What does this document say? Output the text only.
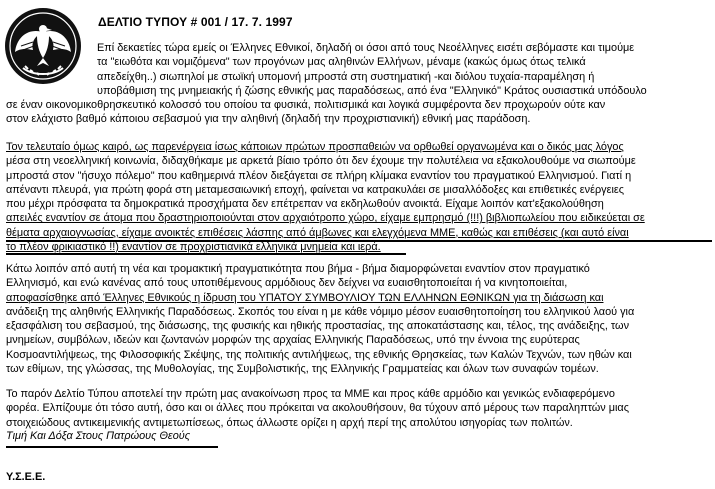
ΔΕΛΤΙΟ ΤΥΠΟΥ # 001 / 17. 7. 1997
Επί δεκαετίες τώρα εμείς οι Έλληνες Εθνικοί, δηλαδή οι όσοι από τους Νεοέλληνες εισέτι σεβόμαστε και τιμούμε
τα "ειωθότα και νομιζόμενα" των προγόνων μας αληθινών Ελλήνων, μέναμε (κακώς όμως ότως τελικά
απεδείχθη..) σιωπηλοί με στωϊκή υπομονή μπροστά στη συστηματική -και διόλου τυχαία-παραμέληση ή
υποβάθμιση της μνημειακής ή ζώσης εθνικής μας παραδόσεως, από ένα "Ελληνικό" Κράτος ουσιαστικά υπόδουλο
σε έναν οικονομικοθρησκευτικό κολοσσό του οποίου τα φυσικά, πολιτισμικά και λογικά συμφέροντα δεν προχωρούν ούτε καν
στον ελάχιστο βαθμό κάποιου σεβασμού για την αληθινή (δηλαδή την προχριστιανική) εθνική μας παράδοση.
Τον τελευταίο όμως καιρό, ως παρενέργεια ίσως κάποιων πρώτων προσπαθειών να ορθωθεί οργανωμένα και ο δικός μας λόγος
μέσα στη νεοελληνική κοινωνία, διδαχθήκαμε με αρκετά βίαιο τρόπο ότι δεν έχουμε την πολυτέλεια να εξακολουθούμε να σιωπούμε
μπροστά στον "ήσυχο πόλεμο" που καθημερινά πλέον διεξάγεται σε πλήρη κλίμακα εναντίον του πραγματικού Ελληνισμού. Γιατί η
απέναντι πλευρά, για πρώτη φορά στη μεταμεσαιωνική εποχή, φαίνεται να κατρακυλάει σε μισαλλόδοξες και επιθετικές ενέργειες
που μέχρι πρόσφατα τα δημοκρατικά προσχήματα δεν επέτρεπαν να εκδηλωθούν ανοικτά. Είχαμε λοιπόν κατ'εξακολούθηση
απειλές εναντίον σε άτομα που δραστηριοποιούνται στον αρχαιότροπο χώρο, είχαμε εμπρησμό (!!!) βιβλιοπωλείου που ειδικεύεται σε
θέματα αρχαιογνωσίας, είχαμε ανοικτές επιθέσεις λάσπης από άμβωνες και ελεγχόμενα ΜΜΕ, καθώς και επιθέσεις (και αυτό είναι
το πλέον φρικιαστικό !!) εναντίον σε προχριστιανικά ελληνικά μνημεία και ιερά.
Κάτω λοιπόν από αυτή τη νέα και τρομακτική πραγματικότητα που βήμα - βήμα διαμορφώνεται εναντίον στον πραγματικό
Ελληνισμό, και ενώ κανένας από τους υποτιθέμενους αρμόδιους δεν δείχνει να ευαισθητοποιείται ή να κινητοποιείται,
αποφασίσθηκε από Έλληνες Εθνικούς η ίδρυση του ΥΠΑΤΟΥ ΣΥΜΒΟΥΛΙΟΥ ΤΩΝ ΕΛΛΗΝΩΝ ΕΘΝΙΚΩΝ για τη διάσωση και
ανάδειξη της αληθινής Ελληνικής Παραδόσεως. Σκοπός του είναι η με κάθε νόμιμο μέσον ευαισθητοποίηση του ελληνικού λαού για
εξασφάλιση του σεβασμού, της διάσωσης, της φυσικής και ηθικής προστασίας, της αποκατάστασης και, τέλος, της ανάδειξης, των
μνημείων, συμβόλων, ιδεών και ζωντανών μορφών της αρχαίας Ελληνικής Παραδόσεως, υπό την έννοια της ευρύτερας
Κοσμοαντιλήψεως, της Φιλοσοφικής Σκέψης, της πολιτικής αντιλήψεως, της εθνικής Θρησκείας, των Καλών Τεχνών, των ηθών και
των εθίμων, της γλώσσας, της Μυθολογίας, της Συμβολιστικής, της Ελληνικής Γραμματείας και όλων των συναφών τομέων.
Το παρόν Δελτίο Τύπου αποτελεί την πρώτη μας ανακοίνωση προς τα ΜΜΕ και προς κάθε αρμόδιο και γενικώς ενδιαφερόμενο
φορέα. Ελπίζουμε ότι τόσο αυτή, όσο και οι άλλες που πρόκειται να ακολουθήσουν, θα τύχουν από μέρους των παραληπτών μιας
στοιχειώδους αντικειμενικής αντιμετωπίσεως, όπως άλλωστε ορίζει η αρχή περί της απολύτου ισηγορίας των πολιτών.
Τιμή Και Δόξα Στους Πατρώους Θεούς
Υ.Σ.Ε.Ε.
